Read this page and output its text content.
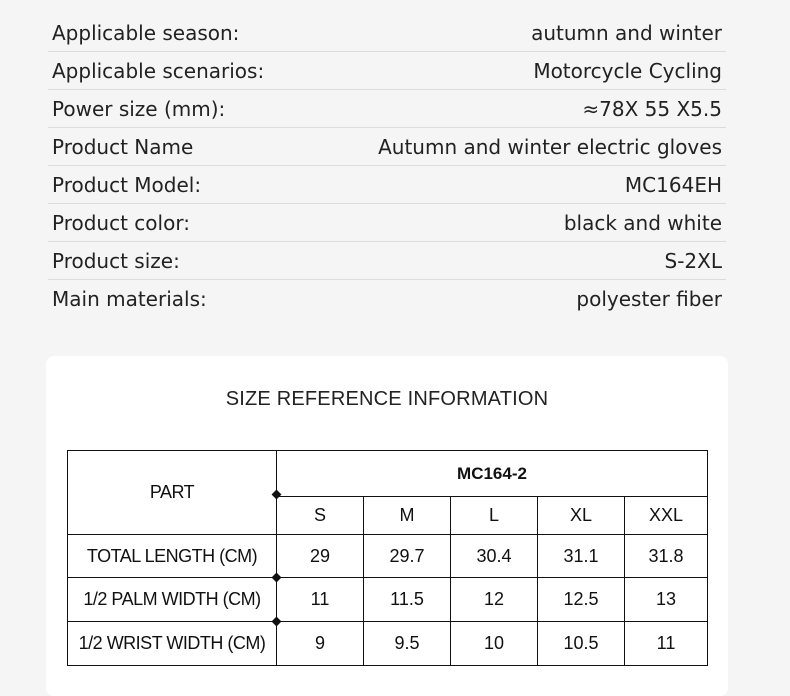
Applicable season:	autumn and winter
Applicable scenarios:	Motorcycle Cycling
Power size (mm):	≈78X 55 X5.5
Product Name	Autumn and winter electric gloves
Product Model:	MC164EH
Product color:	black and white
Product size:	S-2XL
Main materials:	polyester fiber
SIZE REFERENCE INFORMATION
PART	MC164-2				
	S	M	L	XL	XXL
TOTAL LENGTH (CM)	29	29.7	30.4	31.1	31.8
1/2 PALM WIDTH (CM)	11	11.5	12	12.5	13
1/2 WRIST WIDTH (CM)	9	9.5	10	10.5	11
